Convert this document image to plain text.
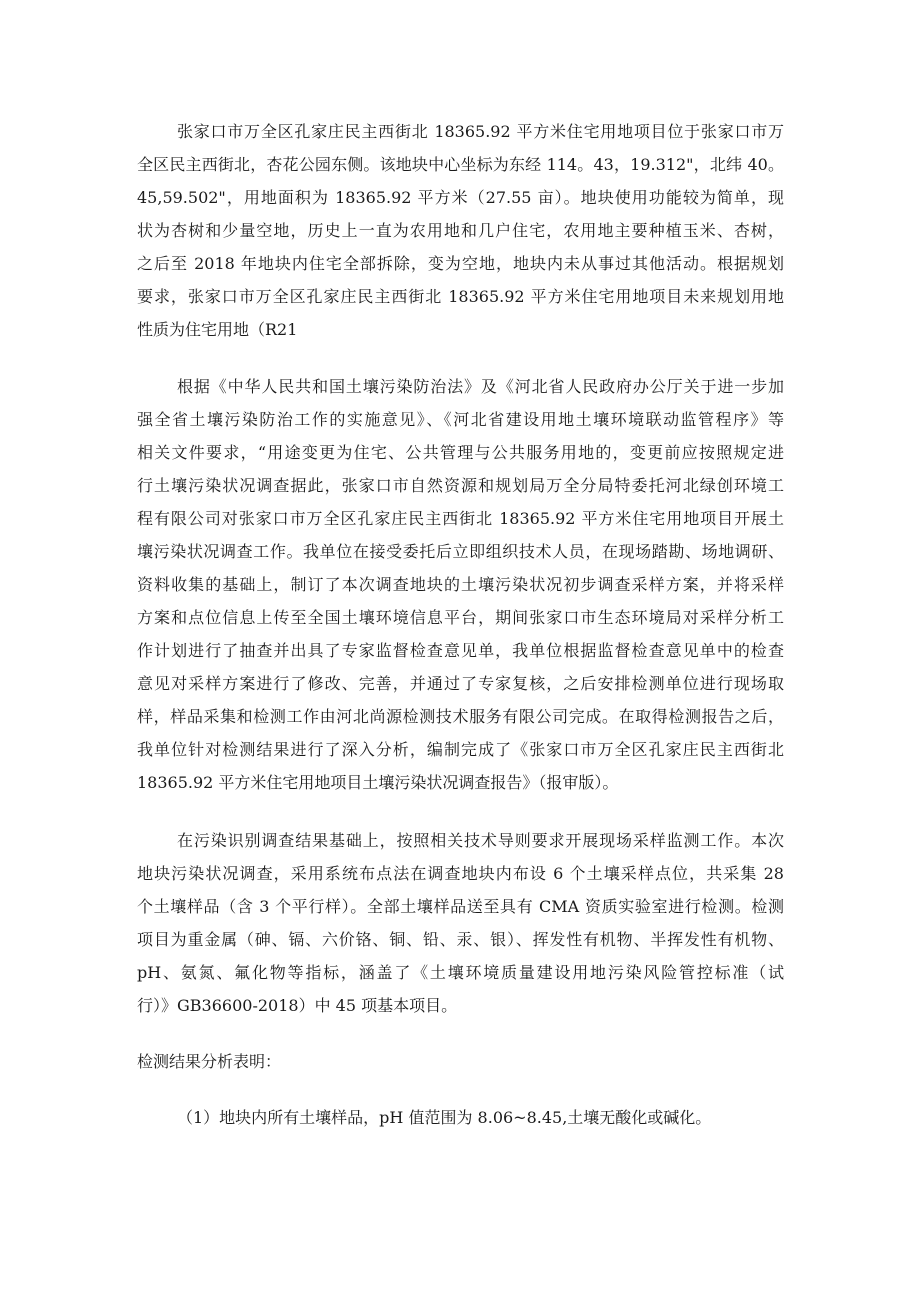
张家口市万全区孔家庄民主西街北 18365.92 平方米住宅用地项目位于张家口市万
全区民主西街北，杏花公园东侧。该地块中心坐标为东经 114。43，19.312"，北纬 40。
45,59.502"，用地面积为 18365.92 平方米（27.55 亩）。地块使用功能较为简单，现
状为杏树和少量空地，历史上一直为农用地和几户住宅，农用地主要种植玉米、杏树，
之后至 2018 年地块内住宅全部拆除，变为空地，地块内未从事过其他活动。根据规划
要求，张家口市万全区孔家庄民主西街北 18365.92 平方米住宅用地项目未来规划用地
性质为住宅用地（R21
根据《中华人民共和国土壤污染防治法》及《河北省人民政府办公厅关于进一步加
强全省土壤污染防治工作的实施意见》、《河北省建设用地土壤环境联动监管程序》等
相关文件要求，“用途变更为住宅、公共管理与公共服务用地的，变更前应按照规定进
行土壤污染状况调查据此，张家口市自然资源和规划局万全分局特委托河北绿创环境工
程有限公司对张家口市万全区孔家庄民主西街北 18365.92 平方米住宅用地项目开展土
壤污染状况调查工作。我单位在接受委托后立即组织技术人员，在现场踏勘、场地调研、
资料收集的基础上，制订了本次调查地块的土壤污染状况初步调查采样方案，并将采样
方案和点位信息上传至全国土壤环境信息平台，期间张家口市生态环境局对采样分析工
作计划进行了抽查并出具了专家监督检查意见单，我单位根据监督检查意见单中的检查
意见对采样方案进行了修改、完善，并通过了专家复核，之后安排检测单位进行现场取
样，样品采集和检测工作由河北尚源检测技术服务有限公司完成。在取得检测报告之后，
我单位针对检测结果进行了深入分析，编制完成了《张家口市万全区孔家庄民主西街北
18365.92 平方米住宅用地项目土壤污染状况调查报告》（报审版）。
在污染识别调查结果基础上，按照相关技术导则要求开展现场采样监测工作。本次
地块污染状况调查，采用系统布点法在调查地块内布设 6 个土壤采样点位，共采集 28
个土壤样品（含 3 个平行样）。全部土壤样品送至具有 CMA 资质实验室进行检测。检测
项目为重金属（砷、镉、六价铬、铜、铅、汞、银）、挥发性有机物、半挥发性有机物、
pH、氨氮、氟化物等指标，涵盖了《土壤环境质量建设用地污染风险管控标准（试
行）》GB36600-2018）中 45 项基本项目。
检测结果分析表明：
（1）地块内所有土壤样品，pH 值范围为 8.06~8.45,土壤无酸化或碱化。
